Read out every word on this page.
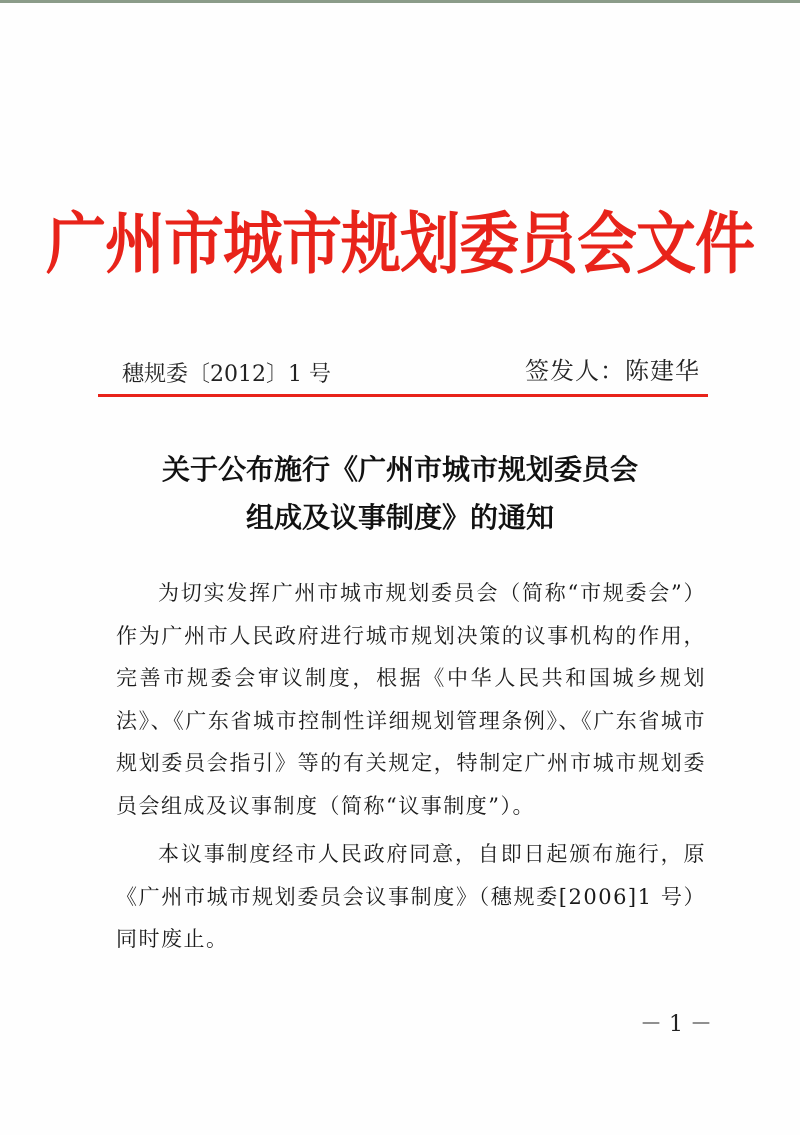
广州市城市规划委员会文件
穗规委〔2012〕1 号	签发人：陈建华
关于公布施行《广州市城市规划委员会
组成及议事制度》的通知

为切实发挥广州市城市规划委员会（简称“市规委会”）作为广州市人民政府进行城市规划决策的议事机构的作用，完善市规委会审议制度，根据《中华人民共和国城乡规划法》、《广东省城市控制性详细规划管理条例》、《广东省城市规划委员会指引》等的有关规定，特制定广州市城市规划委员会组成及议事制度（简称“议事制度”）。

本议事制度经市人民政府同意，自即日起颁布施行，原《广州市城市规划委员会议事制度》（穗规委[2006]1 号）同时废止。

－ 1 －
